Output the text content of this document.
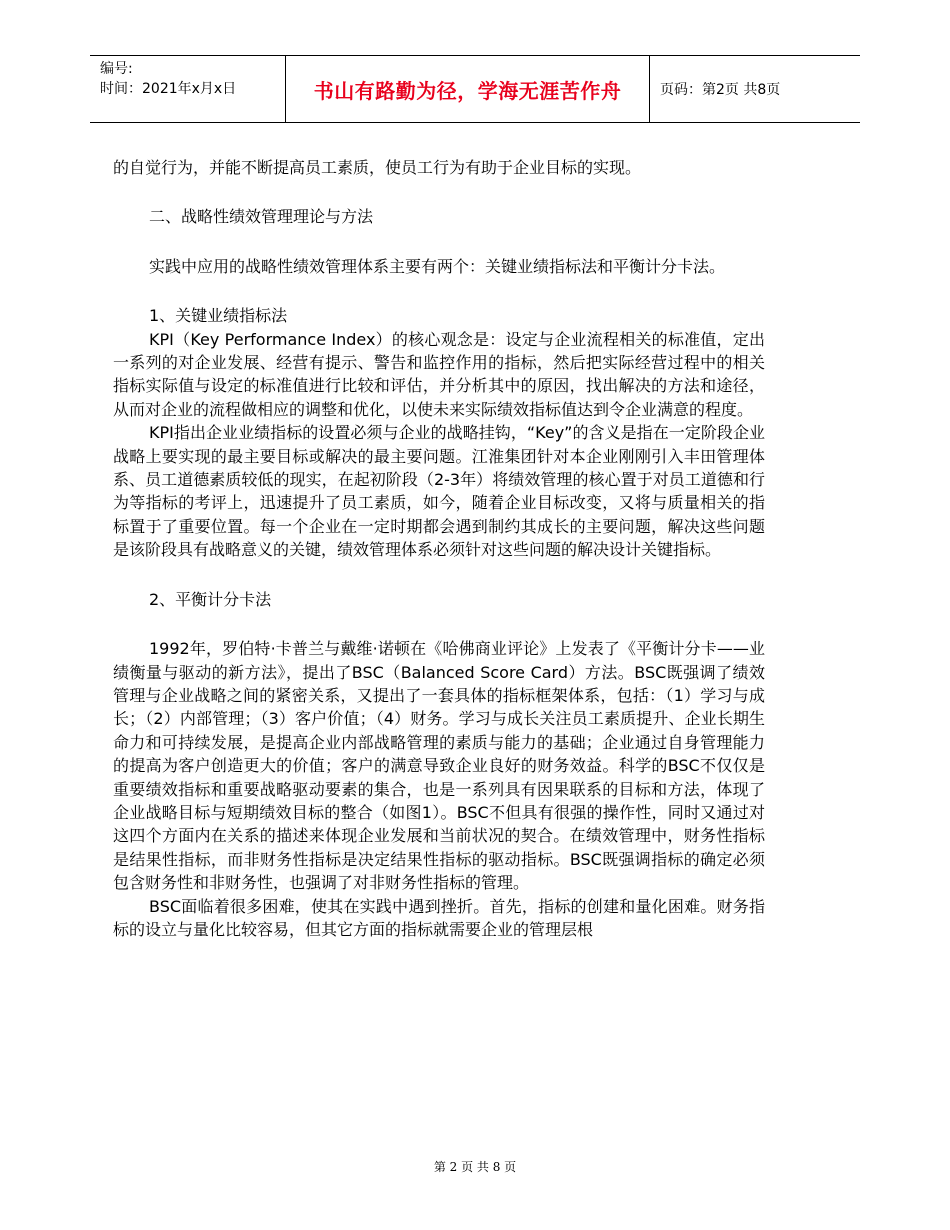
编号:
时间：2021年x月x日	书山有路勤为径，学海无涯苦作舟	页码：第2页 共8页

的自觉行为，并能不断提高员工素质，使员工行为有助于企业目标的实现。

二、战略性绩效管理理论与方法

实践中应用的战略性绩效管理体系主要有两个：关键业绩指标法和平衡计分卡法。

1、关键业绩指标法

KPI（Key Performance Index）的核心观念是：设定与企业流程相关的标准值，定出一系列的对企业发展、经营有提示、警告和监控作用的指标，然后把实际经营过程中的相关指标实际值与设定的标准值进行比较和评估，并分析其中的原因，找出解决的方法和途径，从而对企业的流程做相应的调整和优化，以使未来实际绩效指标值达到令企业满意的程度。

KPI指出企业业绩指标的设置必须与企业的战略挂钩，“Key”的含义是指在一定阶段企业战略上要实现的最主要目标或解决的最主要问题。江淮集团针对本企业刚刚引入丰田管理体系、员工道德素质较低的现实，在起初阶段（2-3年）将绩效管理的核心置于对员工道德和行为等指标的考评上，迅速提升了员工素质，如今，随着企业目标改变，又将与质量相关的指标置于了重要位置。每一个企业在一定时期都会遇到制约其成长的主要问题，解决这些问题是该阶段具有战略意义的关键，绩效管理体系必须针对这些问题的解决设计关键指标。

2、平衡计分卡法

1992年，罗伯特·卡普兰与戴维·诺顿在《哈佛商业评论》上发表了《平衡计分卡——业绩衡量与驱动的新方法》，提出了BSC（Balanced Score Card）方法。BSC既强调了绩效管理与企业战略之间的紧密关系，又提出了一套具体的指标框架体系，包括：（1）学习与成长；（2）内部管理；（3）客户价值；（4）财务。学习与成长关注员工素质提升、企业长期生命力和可持续发展，是提高企业内部战略管理的素质与能力的基础；企业通过自身管理能力的提高为客户创造更大的价值；客户的满意导致企业良好的财务效益。科学的BSC不仅仅是重要绩效指标和重要战略驱动要素的集合，也是一系列具有因果联系的目标和方法，体现了企业战略目标与短期绩效目标的整合（如图1）。BSC不但具有很强的操作性，同时又通过对这四个方面内在关系的描述来体现企业发展和当前状况的契合。在绩效管理中，财务性指标是结果性指标，而非财务性指标是决定结果性指标的驱动指标。BSC既强调指标的确定必须包含财务性和非财务性，也强调了对非财务性指标的管理。

BSC面临着很多困难，使其在实践中遇到挫折。首先，指标的创建和量化困难。财务指标的设立与量化比较容易，但其它方面的指标就需要企业的管理层根

第 2 页 共 8 页
